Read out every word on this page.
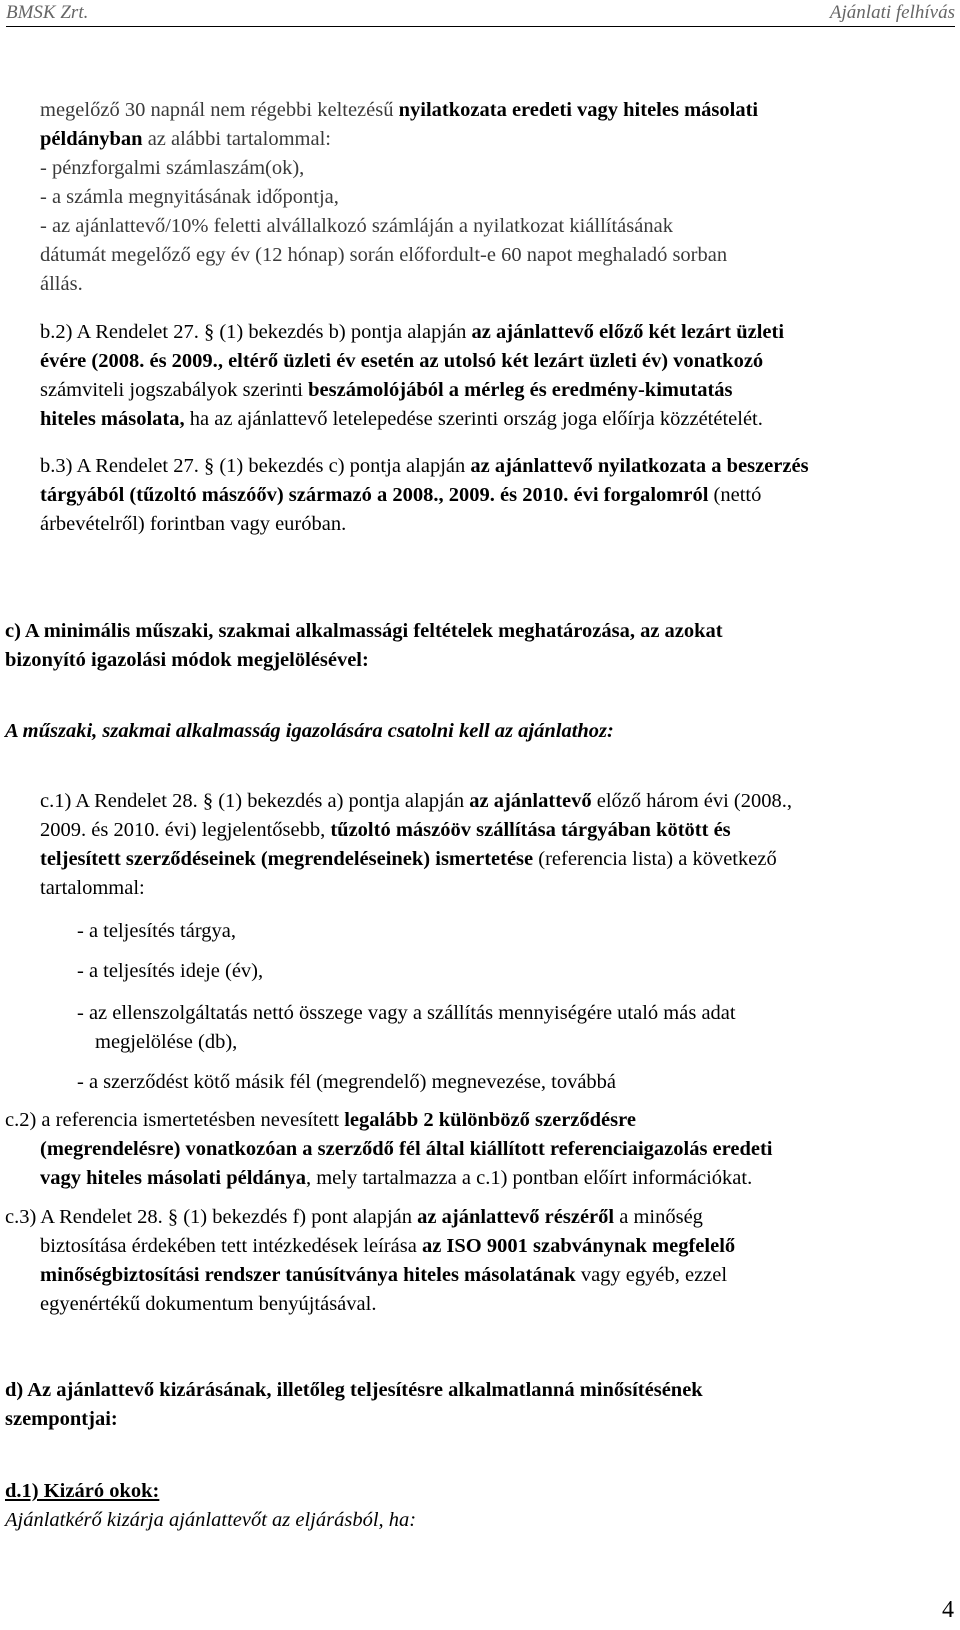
BMSK Zrt.	Ajánlati felhívás
megelőző 30 napnál nem régebbi keltezésű nyilatkozata eredeti vagy hiteles másolati
példányban az alábbi tartalommal:
- pénzforgalmi számlaszám(ok),
- a számla megnyitásának időpontja,
- az ajánlattevő/10% feletti alvállalkozó számláján a nyilatkozat kiállításának
dátumát megelőző egy év (12 hónap) során előfordult-e 60 napot meghaladó sorban
állás.
b.2) A Rendelet 27. § (1) bekezdés b) pontja alapján az ajánlattevő előző két lezárt üzleti
évére (2008. és 2009., eltérő üzleti év esetén az utolsó két lezárt üzleti év) vonatkozó
számviteli jogszabályok szerinti beszámolójából a mérleg és eredmény-kimutatás
hiteles másolata, ha az ajánlattevő letelepedése szerinti ország joga előírja közzétételét.
b.3) A Rendelet 27. § (1) bekezdés c) pontja alapján az ajánlattevő nyilatkozata a beszerzés
tárgyából (tűzoltó mászóőv) származó a 2008., 2009. és 2010. évi forgalomról (nettó
árbevételről) forintban vagy euróban.
c) A minimális műszaki, szakmai alkalmassági feltételek meghatározása, az azokat
bizonyító igazolási módok megjelölésével:
A műszaki, szakmai alkalmasság igazolására csatolni kell az ajánlathoz:
c.1) A Rendelet 28. § (1) bekezdés a) pontja alapján az ajánlattevő előző három évi (2008.,
2009. és 2010. évi) legjelentősebb, tűzoltó mászóöv szállítása tárgyában kötött és
teljesített szerződéseinek (megrendeléseinek) ismertetése (referencia lista) a következő
tartalommal:
- a teljesítés tárgya,
- a teljesítés ideje (év),
- az ellenszolgáltatás nettó összege vagy a szállítás mennyiségére utaló más adat
megjelölése (db),
- a szerződést kötő másik fél (megrendelő) megnevezése, továbbá
c.2) a referencia ismertetésben nevesített legalább 2 különböző szerződésre
(megrendelésre) vonatkozóan a szerződő fél által kiállított referenciaigazolás eredeti
vagy hiteles másolati példánya, mely tartalmazza a c.1) pontban előírt információkat.
c.3) A Rendelet 28. § (1) bekezdés f) pont alapján az ajánlattevő részéről a minőség
biztosítása érdekében tett intézkedések leírása az ISO 9001 szabványnak megfelelő
minőségbiztosítási rendszer tanúsítványa hiteles másolatának vagy egyéb, ezzel
egyenértékű dokumentum benyújtásával.
d) Az ajánlattevő kizárásának, illetőleg teljesítésre alkalmatlanná minősítésének
szempontjai:
d.1) Kizáró okok:
Ajánlatkérő kizárja ajánlattevőt az eljárásból, ha:
4
